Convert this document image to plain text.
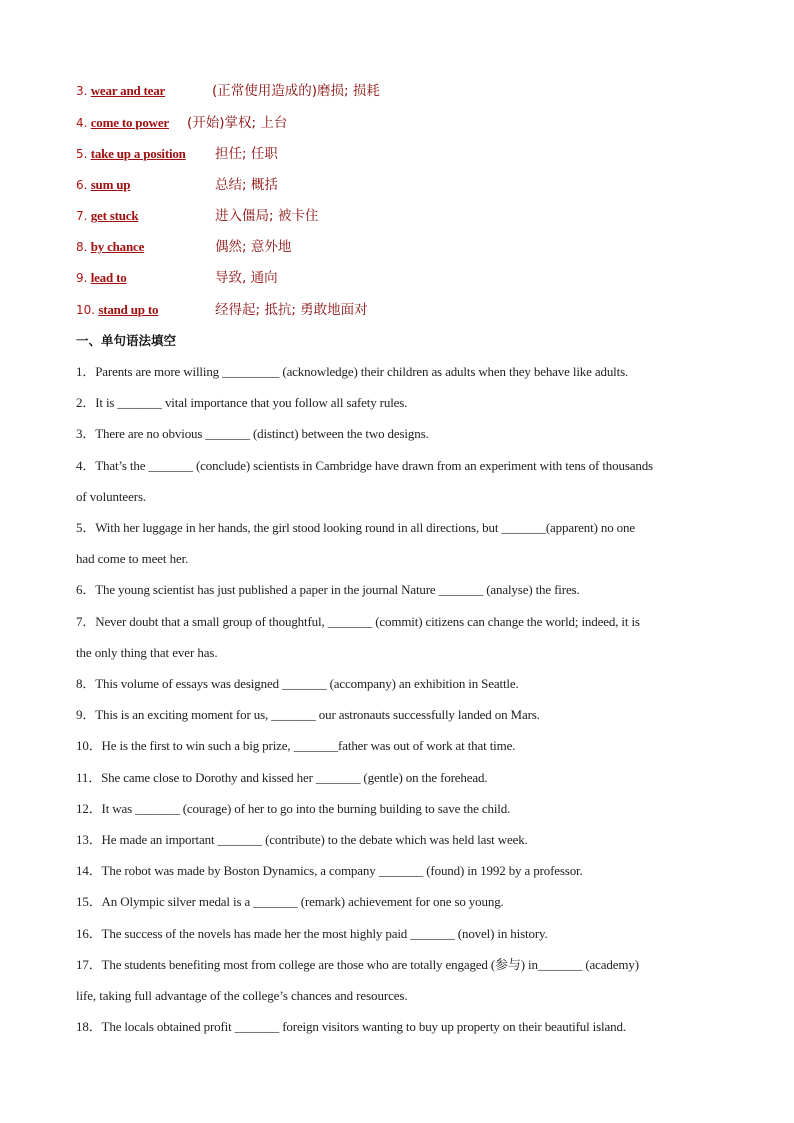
3. wear and tear	(正常使用造成的)磨损; 损耗
4. come to power (开始)掌权; 上台
5. take up a position 担任; 任职
6. sum up	总结; 概括
7. get stuck	进入僵局; 被卡住
8. by chance	偶然; 意外地
9. lead to	导致, 通向
10. stand up to	经得起; 抵抗; 勇敢地面对
一、单句语法填空
1．Parents are more willing _________ (acknowledge) their children as adults when they behave like adults.
2．It is _______ vital importance that you follow all safety rules.
3．There are no obvious _______ (distinct) between the two designs.
4．That’s the _______ (conclude) scientists in Cambridge have drawn from an experiment with tens of thousands
of volunteers.
5．With her luggage in her hands, the girl stood looking round in all directions, but _______(apparent) no one
had come to meet her.
6．The young scientist has just published a paper in the journal Nature _______ (analyse) the fires.
7．Never doubt that a small group of thoughtful, _______ (commit) citizens can change the world; indeed, it is
the only thing that ever has.
8．This volume of essays was designed _______ (accompany) an exhibition in Seattle.
9．This is an exciting moment for us, _______ our astronauts successfully landed on Mars.
10．He is the first to win such a big prize, _______father was out of work at that time.
11．She came close to Dorothy and kissed her _______ (gentle) on the forehead.
12．It was _______ (courage) of her to go into the burning building to save the child.
13．He made an important _______ (contribute) to the debate which was held last week.
14．The robot was made by Boston Dynamics, a company _______ (found) in 1992 by a professor.
15．An Olympic silver medal is a _______ (remark) achievement for one so young.
16．The success of the novels has made her the most highly paid _______ (novel) in history.
17．The students benefiting most from college are those who are totally engaged (参与) in_______ (academy)
life, taking full advantage of the college’s chances and resources.
18．The locals obtained profit _______ foreign visitors wanting to buy up property on their beautiful island.
